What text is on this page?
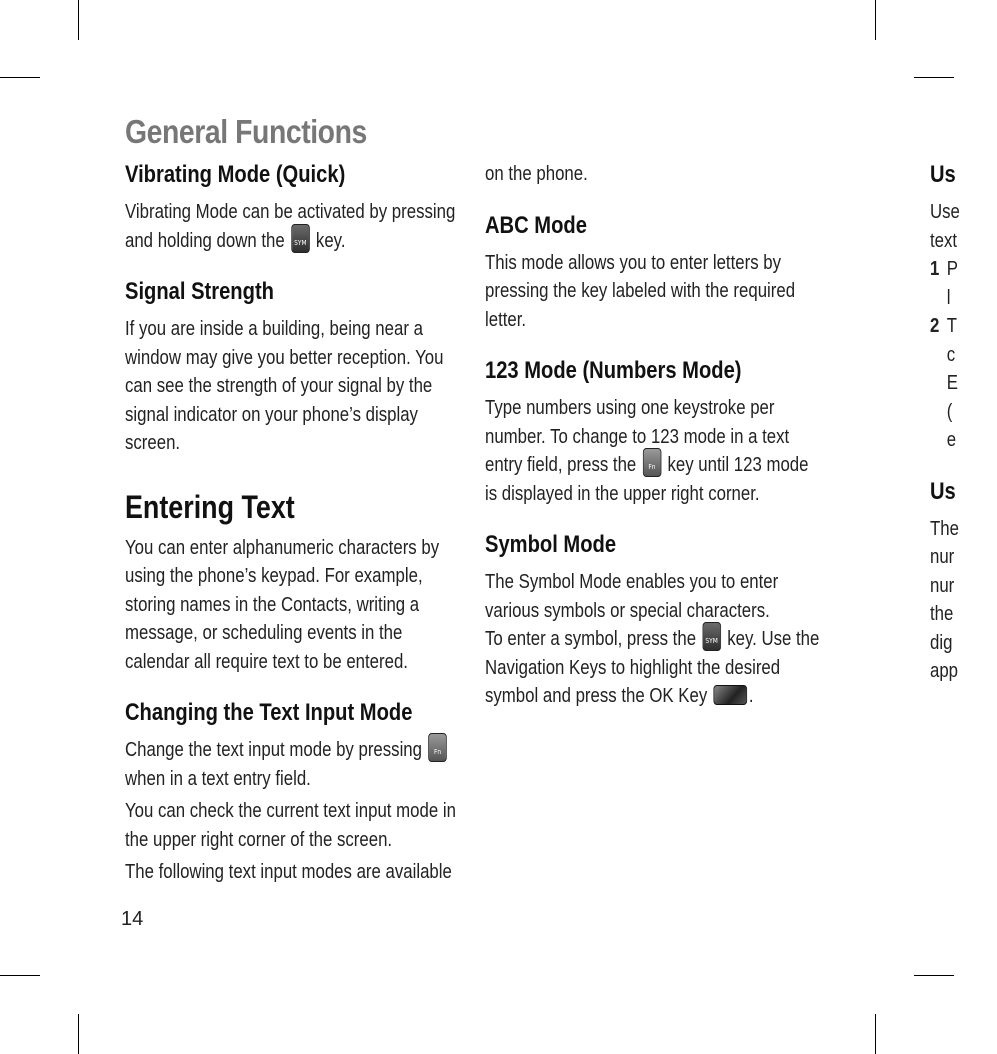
General Functions
Vibrating Mode (Quick)

Vibrating Mode can be activated by pressing and holding down the	SYM key.

Signal Strength

If you are inside a building, being near a window may give you better reception. You can see the strength of your signal by the signal indicator on your phone’s display screen.

Entering Text

You can enter alphanumeric characters by using the phone’s keypad. For example, storing names in the Contacts, writing a message, or scheduling events in the calendar all require text to be entered.

Changing the Text Input Mode

Change the text input mode by pressing	Fn
when in a text entry field.

You can check the current text input mode in the upper right corner of the screen.

The following text input modes are available

on the phone.

ABC Mode

This mode allows you to enter letters by pressing the key labeled with the required letter.

123 Mode (Numbers Mode)

Type numbers using one keystroke per number. To change to 123 mode in a text entry field, press the	Fn key until 123 mode is displayed in the upper right corner.

Symbol Mode

The Symbol Mode enables you to enter various symbols or special characters.

To enter a symbol, press the	SYM key. Use the Navigation Keys to highlight the desired symbol and press the OK Key .

Us

Use

text

1 P

l

2 T

c

E

(

e

Us

The

nur

nur

the

dig

app

14
